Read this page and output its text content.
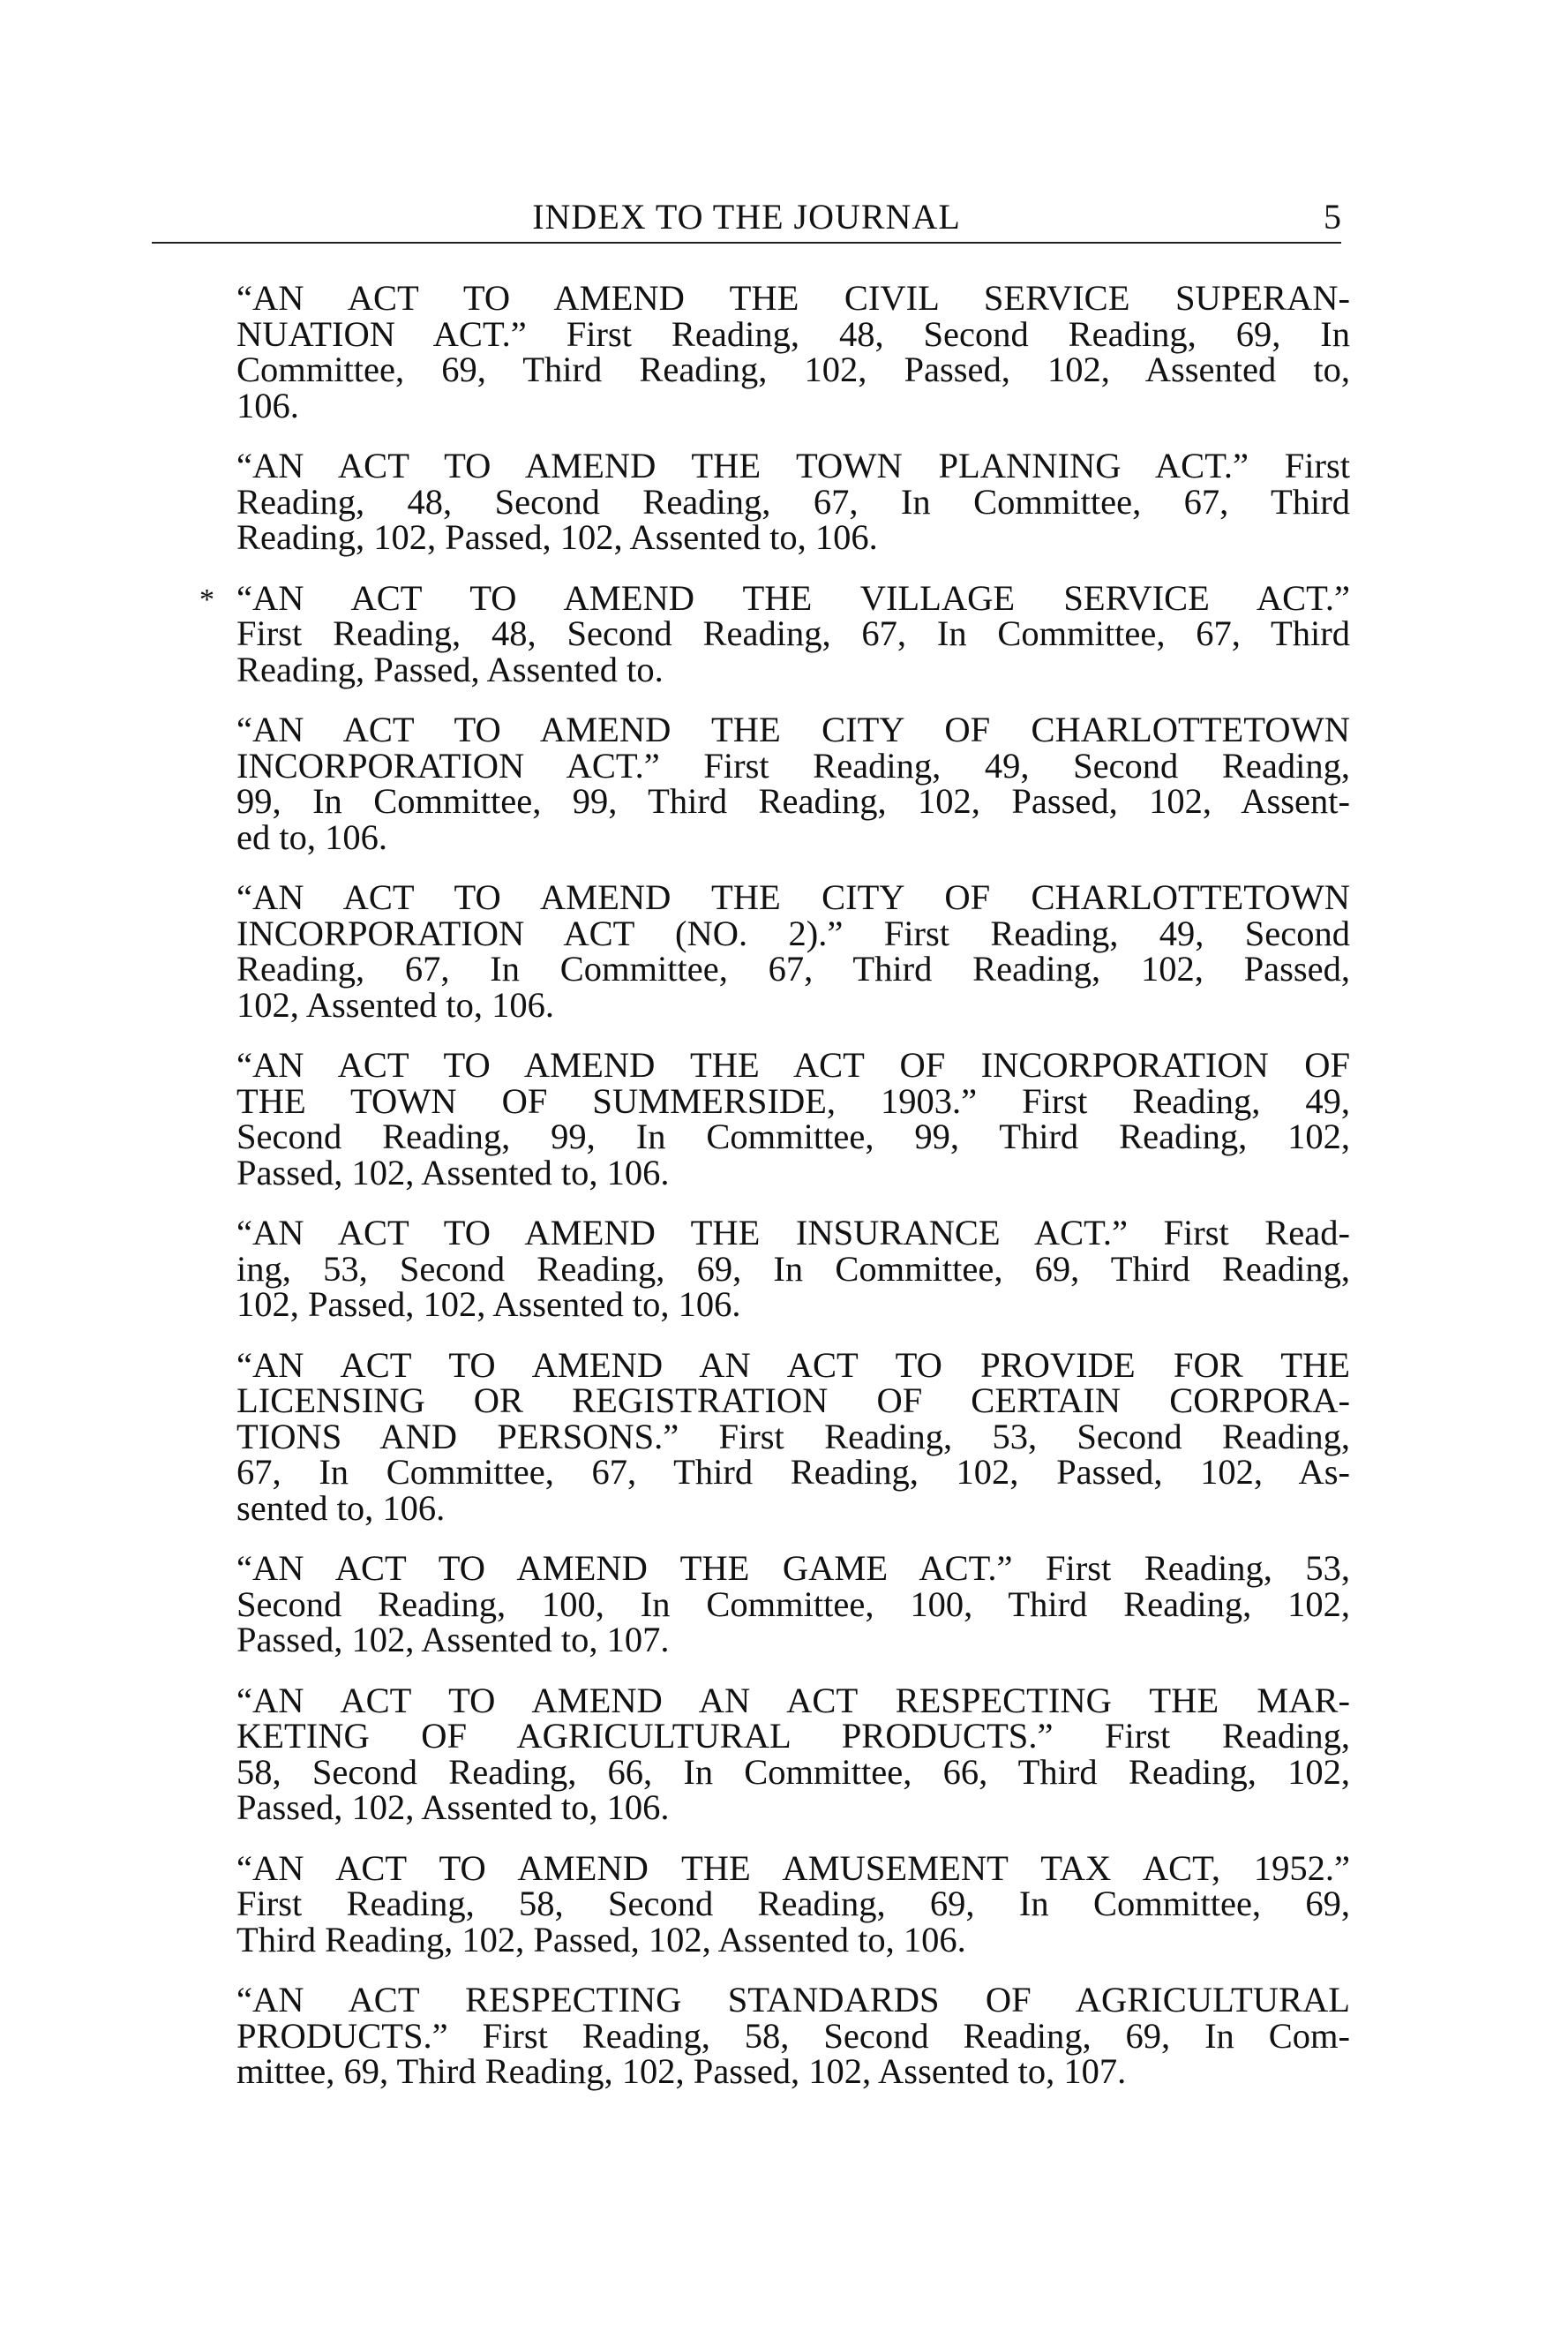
INDEX TO THE JOURNAL	5
“AN ACT TO AMEND THE CIVIL SERVICE SUPERAN-
NUATION ACT.” First Reading, 48, Second Reading, 69, In
Committee, 69, Third Reading, 102, Passed, 102, Assented to,
106.
“AN ACT TO AMEND THE TOWN PLANNING ACT.” First
Reading, 48, Second Reading, 67, In Committee, 67, Third
Reading, 102, Passed, 102, Assented to, 106.
* “AN ACT TO AMEND THE VILLAGE SERVICE ACT.”
First Reading, 48, Second Reading, 67, In Committee, 67, Third
Reading, Passed, Assented to.
“AN ACT TO AMEND THE CITY OF CHARLOTTETOWN
INCORPORATION ACT.” First Reading, 49, Second Reading,
99, In Committee, 99, Third Reading, 102, Passed, 102, Assent-
ed to, 106.
“AN ACT TO AMEND THE CITY OF CHARLOTTETOWN
INCORPORATION ACT (NO. 2).” First Reading, 49, Second
Reading, 67, In Committee, 67, Third Reading, 102, Passed,
102, Assented to, 106.
“AN ACT TO AMEND THE ACT OF INCORPORATION OF
THE TOWN OF SUMMERSIDE, 1903.” First Reading, 49,
Second Reading, 99, In Committee, 99, Third Reading, 102,
Passed, 102, Assented to, 106.
“AN ACT TO AMEND THE INSURANCE ACT.” First Read-
ing, 53, Second Reading, 69, In Committee, 69, Third Reading,
102, Passed, 102, Assented to, 106.
“AN ACT TO AMEND AN ACT TO PROVIDE FOR THE
LICENSING OR REGISTRATION OF CERTAIN CORPORA-
TIONS AND PERSONS.” First Reading, 53, Second Reading,
67, In Committee, 67, Third Reading, 102, Passed, 102, As-
sented to, 106.
“AN ACT TO AMEND THE GAME ACT.” First Reading, 53,
Second Reading, 100, In Committee, 100, Third Reading, 102,
Passed, 102, Assented to, 107.
“AN ACT TO AMEND AN ACT RESPECTING THE MAR-
KETING OF AGRICULTURAL PRODUCTS.” First Reading,
58, Second Reading, 66, In Committee, 66, Third Reading, 102,
Passed, 102, Assented to, 106.
“AN ACT TO AMEND THE AMUSEMENT TAX ACT, 1952.”
First Reading, 58, Second Reading, 69, In Committee, 69,
Third Reading, 102, Passed, 102, Assented to, 106.
“AN ACT RESPECTING STANDARDS OF AGRICULTURAL
PRODUCTS.” First Reading, 58, Second Reading, 69, In Com-
mittee, 69, Third Reading, 102, Passed, 102, Assented to, 107.
